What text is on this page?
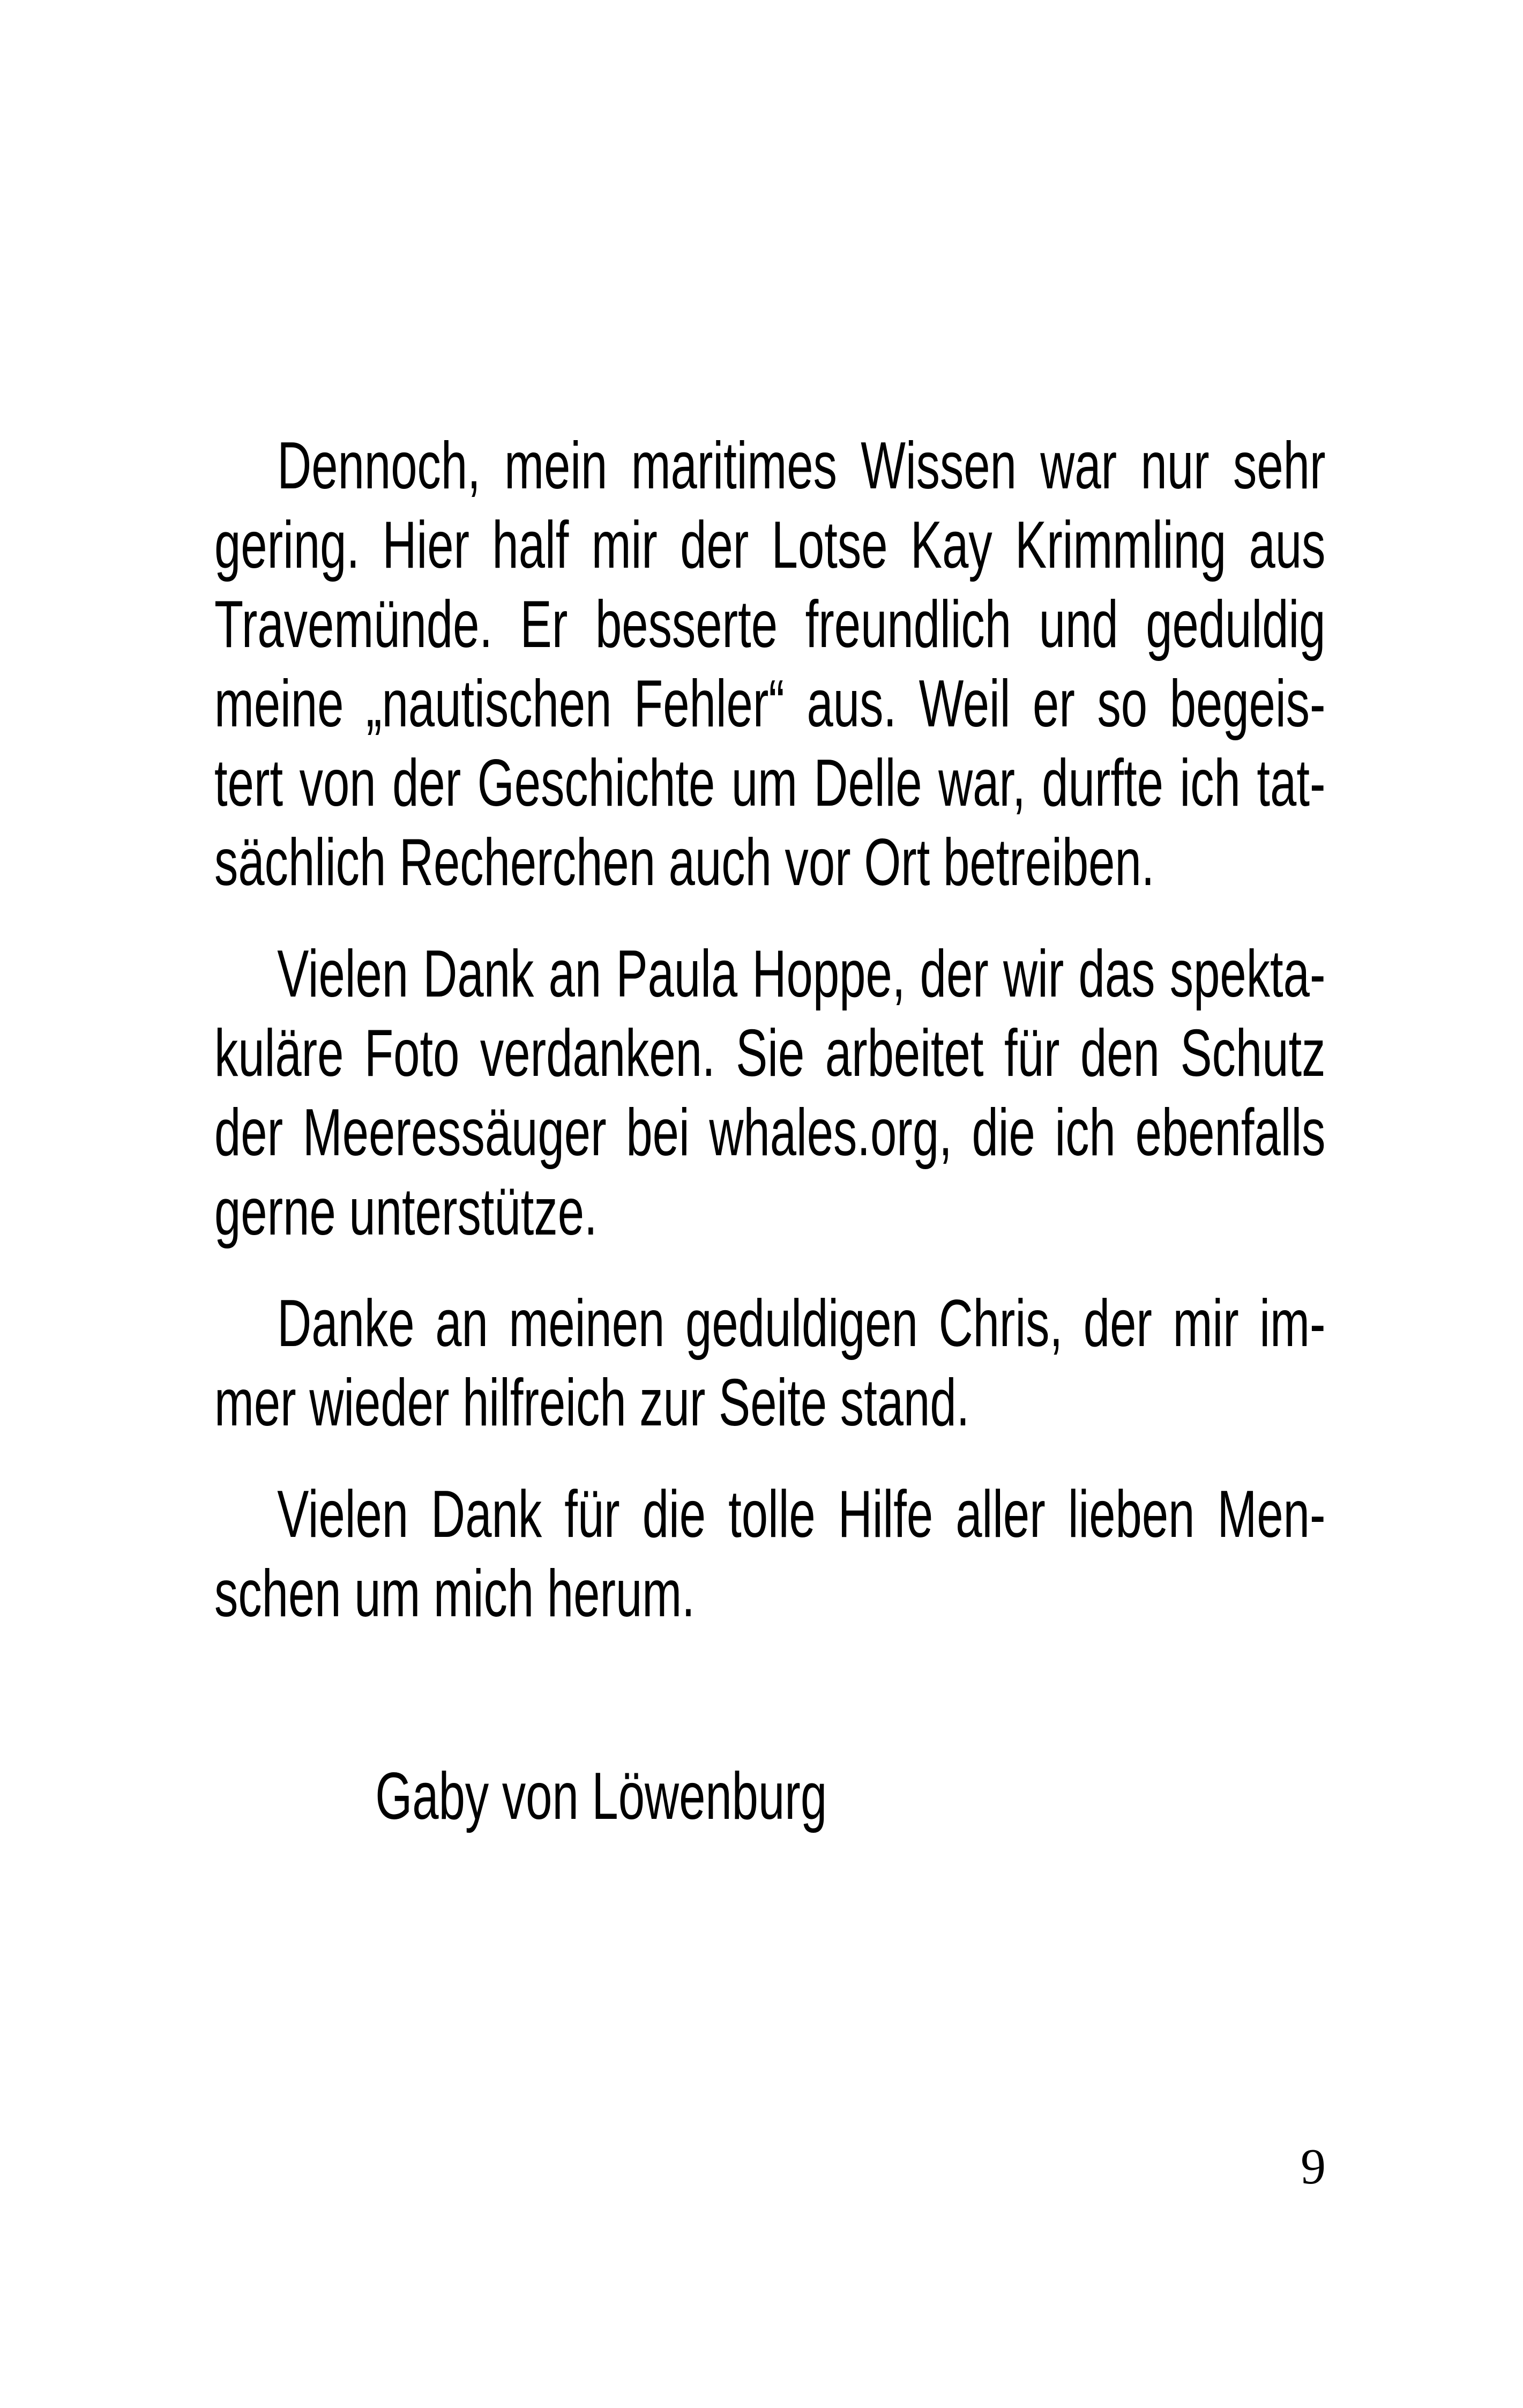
Dennoch, mein maritimes Wissen war nur sehr
gering. Hier half mir der Lotse Kay Krimmling aus
Travemünde. Er besserte freundlich und geduldig
meine „nautischen Fehler“ aus. Weil er so begeis-
tert von der Geschichte um Delle war, durfte ich tat-
sächlich Recherchen auch vor Ort betreiben.
Vielen Dank an Paula Hoppe, der wir das spekta-
kuläre Foto verdanken. Sie arbeitet für den Schutz
der Meeressäuger bei whales.org, die ich ebenfalls
gerne unterstütze.
Danke an meinen geduldigen Chris, der mir im-
mer wieder hilfreich zur Seite stand.
Vielen Dank für die tolle Hilfe aller lieben Men-
schen um mich herum.
Gaby von Löwenburg
9
